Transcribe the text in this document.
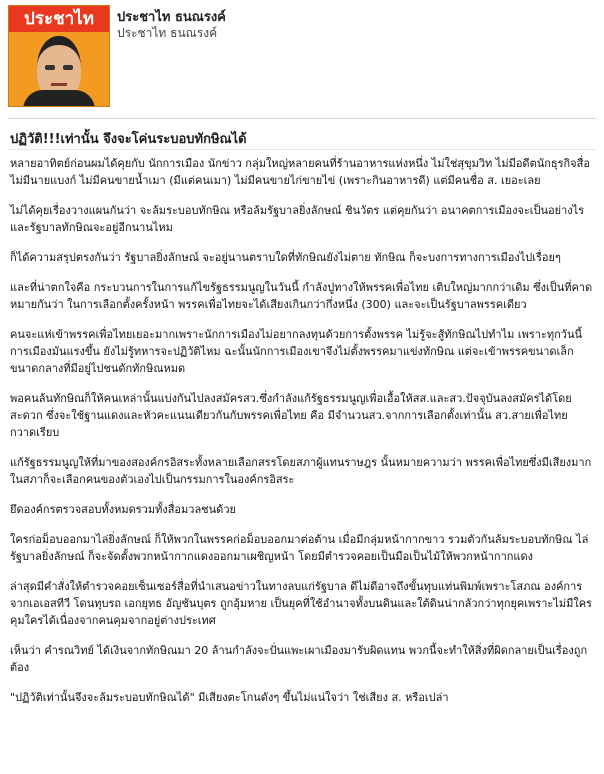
ประชาไท	ประชาไท ธนณรงค์
ประชาไท ธนณรงค์
ปฏิวัติ!!!เท่านั้น จึงจะโค่นระบอบทักษิณได้

หลายอาทิตย์ก่อนผมได้คุยกับ นักการเมือง นักข่าว กลุ่มใหญ่หลายคนที่ร้านอาหารแห่งหนึ่ง ไม่ใช่สุขุมวิท ไม่มีอดีตนักธุรกิจสื่อ ไม่มีนายแบงก์ ไม่มีคนขายน้ำเมา (มีแต่คนเมา) ไม่มีคนขายไก่ขายไข่ (เพราะกินอาหารดี) แต่มีคนชื่อ ส. เยอะเลย

ไม่ได้คุยเรื่องวางแผนกันว่า จะล้มระบอบทักษิณ หรือล้มรัฐบาลยิ่งลักษณ์ ชินวัตร แต่คุยกันว่า อนาคตการเมืองจะเป็นอย่างไรและรัฐบาลทักษิณจะอยู่อีกนานไหม

ก็ได้ความสรุปตรงกันว่า รัฐบาลยิ่งลักษณ์ จะอยู่นานตราบใดที่ทักษิณยังไม่ตาย ทักษิณ ก็จะบงการทางการเมืองไปเรื่อยๆ

และที่น่าตกใจคือ กระบวนการในการแก้ไขรัฐธรรมนูญในวันนี้ กำลังปูทางให้พรรคเพื่อไทย เติบใหญ่มากกว่าเดิม ซึ่งเป็นที่คาดหมายกันว่า ในการเลือกตั้งครั้งหน้า พรรคเพื่อไทยจะได้เสียงเกินกว่ากึ่งหนึ่ง (300) และจะเป็นรัฐบาลพรรคเดียว

คนจะแห่เข้าพรรคเพื่อไทยเยอะมากเพราะนักการเมืองไม่อยากลงทุนด้วยการตั้งพรรค ไม่รู้จะสู้ทักษิณไปทำไม เพราะทุกวันนี้การเมืองมันแรงขึ้น ยังไม่รู้ทหารจะปฏิวัติไหม ฉะนั้นนักการเมืองเขาจึงไม่ตั้งพรรคมาแข่งทักษิณ แต่จะเข้าพรรคขนาดเล็กขนาดกลางที่มีอยู่ไปชนดักทักษิณหมด

พอคนล้นทักษิณก็ให้คนเหล่านั้นแบ่งกันไปลงสมัครสว.ซึ่งกำลังแก้รัฐธรรมนูญเพื่อเอื้อให้สส.และสว.ปัจจุบันลงสมัครได้โดยสะดวก ซึ่งจะใช้ฐานแดงและหัวคะแนนเดียวกันกับพรรคเพื่อไทย คือ มีจำนวนสว.จากการเลือกตั้งเท่านั้น สว.สายเพื่อไทย กวาดเรียบ

แก้รัฐธรรมนูญให้ที่มาของสองค์กรอิสระทั้งหลายเลือกสรรโดยสภาผู้แทนราษฎร นั้นหมายความว่า พรรคเพื่อไทยซึ่งมีเสียงมากในสภาก็จะเลือกคนของตัวเองไปเป็นกรรมการในองค์กรอิสระ

ยึดองค์กรตรวจสอบทั้งหมดรวมทั้งสื่อมวลชนด้วย

ใครก่อม็อบออกมาไล่ยิ่งลักษณ์ ก็ให้พวกในพรรคก่อม็อบออกมาต่อต้าน เมื่อมีกลุ่มหน้ากากขาว รวมตัวกันล้มระบอบทักษิณ ไล่รัฐบาลยิ่งลักษณ์ ก็จะจัดตั้งพวกหน้ากากแดงออกมาเผชิญหน้า โดยมีตำรวจคอยเป็นมือเป็นไม้ให้พวกหน้ากากแดง

ล่าสุดมีคำสั่งให้ตำรวจคอยเซ็นเซอร์สื่อที่นำเสนอข่าวในทางลบแก่รัฐบาล ดีไม่ดีอาจถึงขั้นทุบแท่นพิมพ์เพราะโสภณ องค์การ จากเอเอสทีวี โดนทุบรถ เอกยุทธ อัญชันบุตร ถูกอุ้มหาย เป็นยุคที่ใช้อำนาจทั้งบนดินและใต้ดินน่ากลัวกว่าทุกยุคเพราะไม่มีใครคุมใครได้เนื่องจากคนคุมจากอยู่ต่างประเทศ

เห็นว่า คำรณวิทย์ ได้เงินจากทักษิณมา 20 ล้านกำลังจะปั่นแพะเผาเมืองมารับผิดแทน พวกนี้จะทำให้สิ่งที่ผิดกลายเป็นเรื่องถูกต้อง

"ปฏิวัติเท่านั้นจึงจะล้มระบอบทักษิณได้" มีเสียงตะโกนดังๆ ขึ้นไม่แน่ใจว่า ใช่เสียง ส. หรือเปล่า
